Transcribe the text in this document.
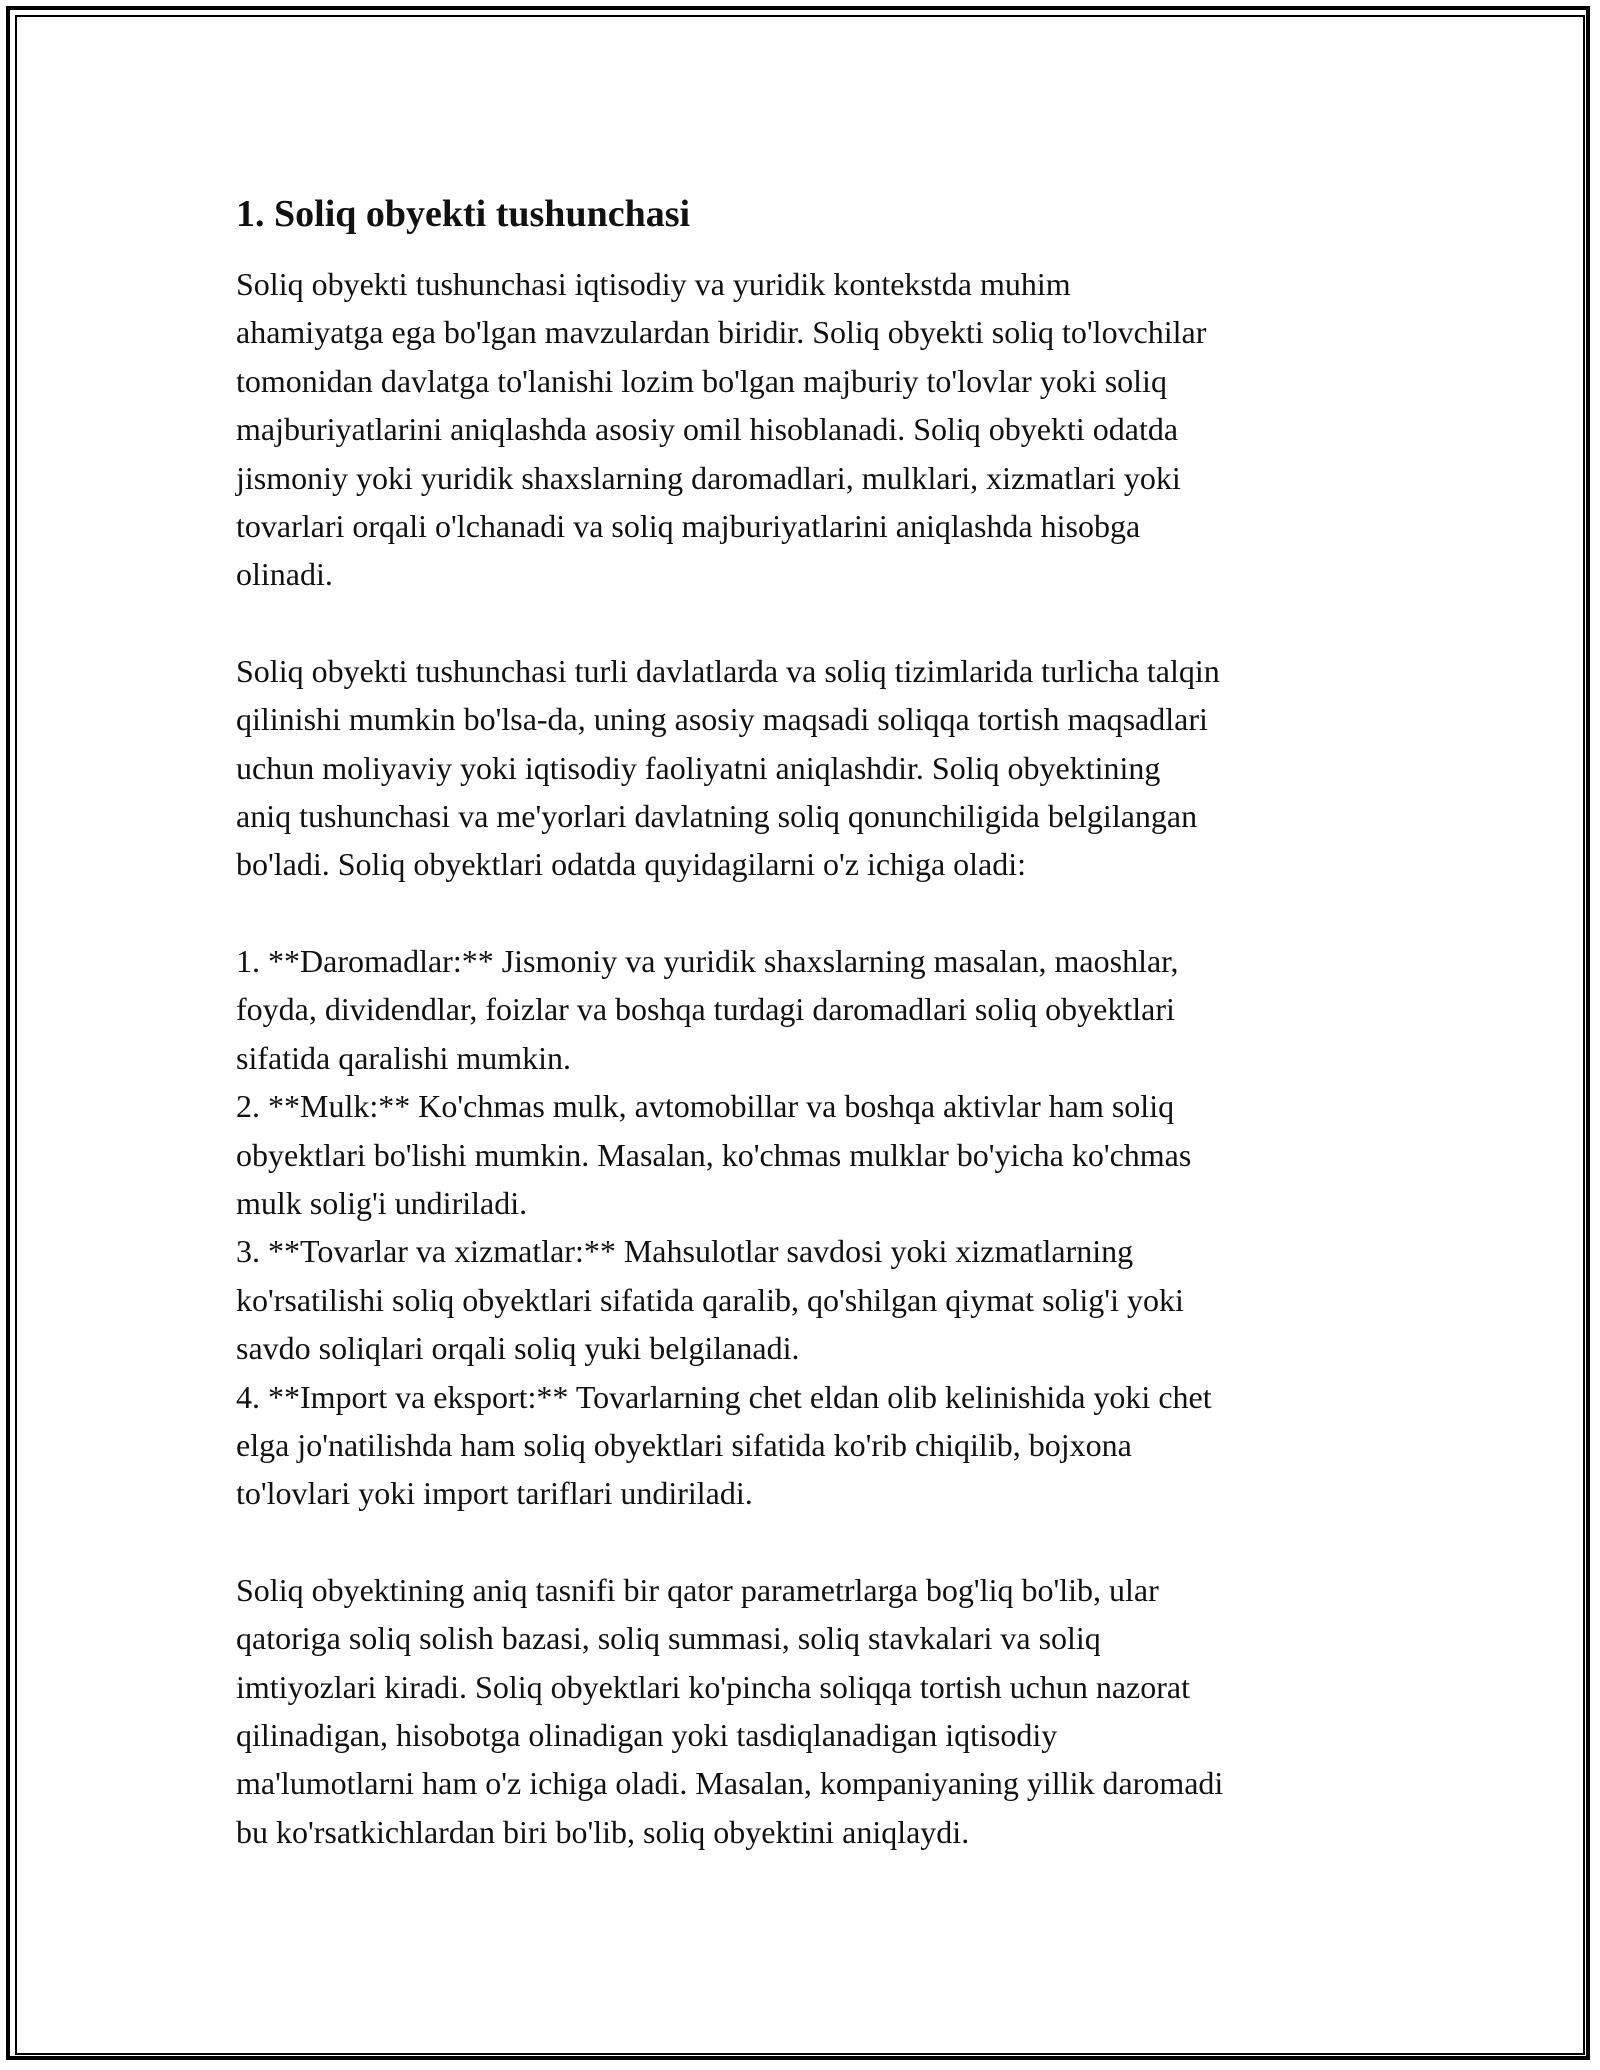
1. Soliq obyekti tushunchasi

Soliq obyekti tushunchasi iqtisodiy va yuridik kontekstda muhim
ahamiyatga ega bo'lgan mavzulardan biridir. Soliq obyekti soliq to'lovchilar
tomonidan davlatga to'lanishi lozim bo'lgan majburiy to'lovlar yoki soliq
majburiyatlarini aniqlashda asosiy omil hisoblanadi. Soliq obyekti odatda
jismoniy yoki yuridik shaxslarning daromadlari, mulklari, xizmatlari yoki
tovarlari orqali o'lchanadi va soliq majburiyatlarini aniqlashda hisobga
olinadi.

Soliq obyekti tushunchasi turli davlatlarda va soliq tizimlarida turlicha talqin
qilinishi mumkin bo'lsa-da, uning asosiy maqsadi soliqqa tortish maqsadlari
uchun moliyaviy yoki iqtisodiy faoliyatni aniqlashdir. Soliq obyektining
aniq tushunchasi va me'yorlari davlatning soliq qonunchiligida belgilangan
bo'ladi. Soliq obyektlari odatda quyidagilarni o'z ichiga oladi:

1. **Daromadlar:** Jismoniy va yuridik shaxslarning masalan, maoshlar,
foyda, dividendlar, foizlar va boshqa turdagi daromadlari soliq obyektlari
sifatida qaralishi mumkin.
2. **Mulk:** Ko'chmas mulk, avtomobillar va boshqa aktivlar ham soliq
obyektlari bo'lishi mumkin. Masalan, ko'chmas mulklar bo'yicha ko'chmas
mulk solig'i undiriladi.
3. **Tovarlar va xizmatlar:** Mahsulotlar savdosi yoki xizmatlarning
ko'rsatilishi soliq obyektlari sifatida qaralib, qo'shilgan qiymat solig'i yoki
savdo soliqlari orqali soliq yuki belgilanadi.
4. **Import va eksport:** Tovarlarning chet eldan olib kelinishida yoki chet
elga jo'natilishda ham soliq obyektlari sifatida ko'rib chiqilib, bojxona
to'lovlari yoki import tariflari undiriladi.

Soliq obyektining aniq tasnifi bir qator parametrlarga bog'liq bo'lib, ular
qatoriga soliq solish bazasi, soliq summasi, soliq stavkalari va soliq
imtiyozlari kiradi. Soliq obyektlari ko'pincha soliqqa tortish uchun nazorat
qilinadigan, hisobotga olinadigan yoki tasdiqlanadigan iqtisodiy
ma'lumotlarni ham o'z ichiga oladi. Masalan, kompaniyaning yillik daromadi
bu ko'rsatkichlardan biri bo'lib, soliq obyektini aniqlaydi.
